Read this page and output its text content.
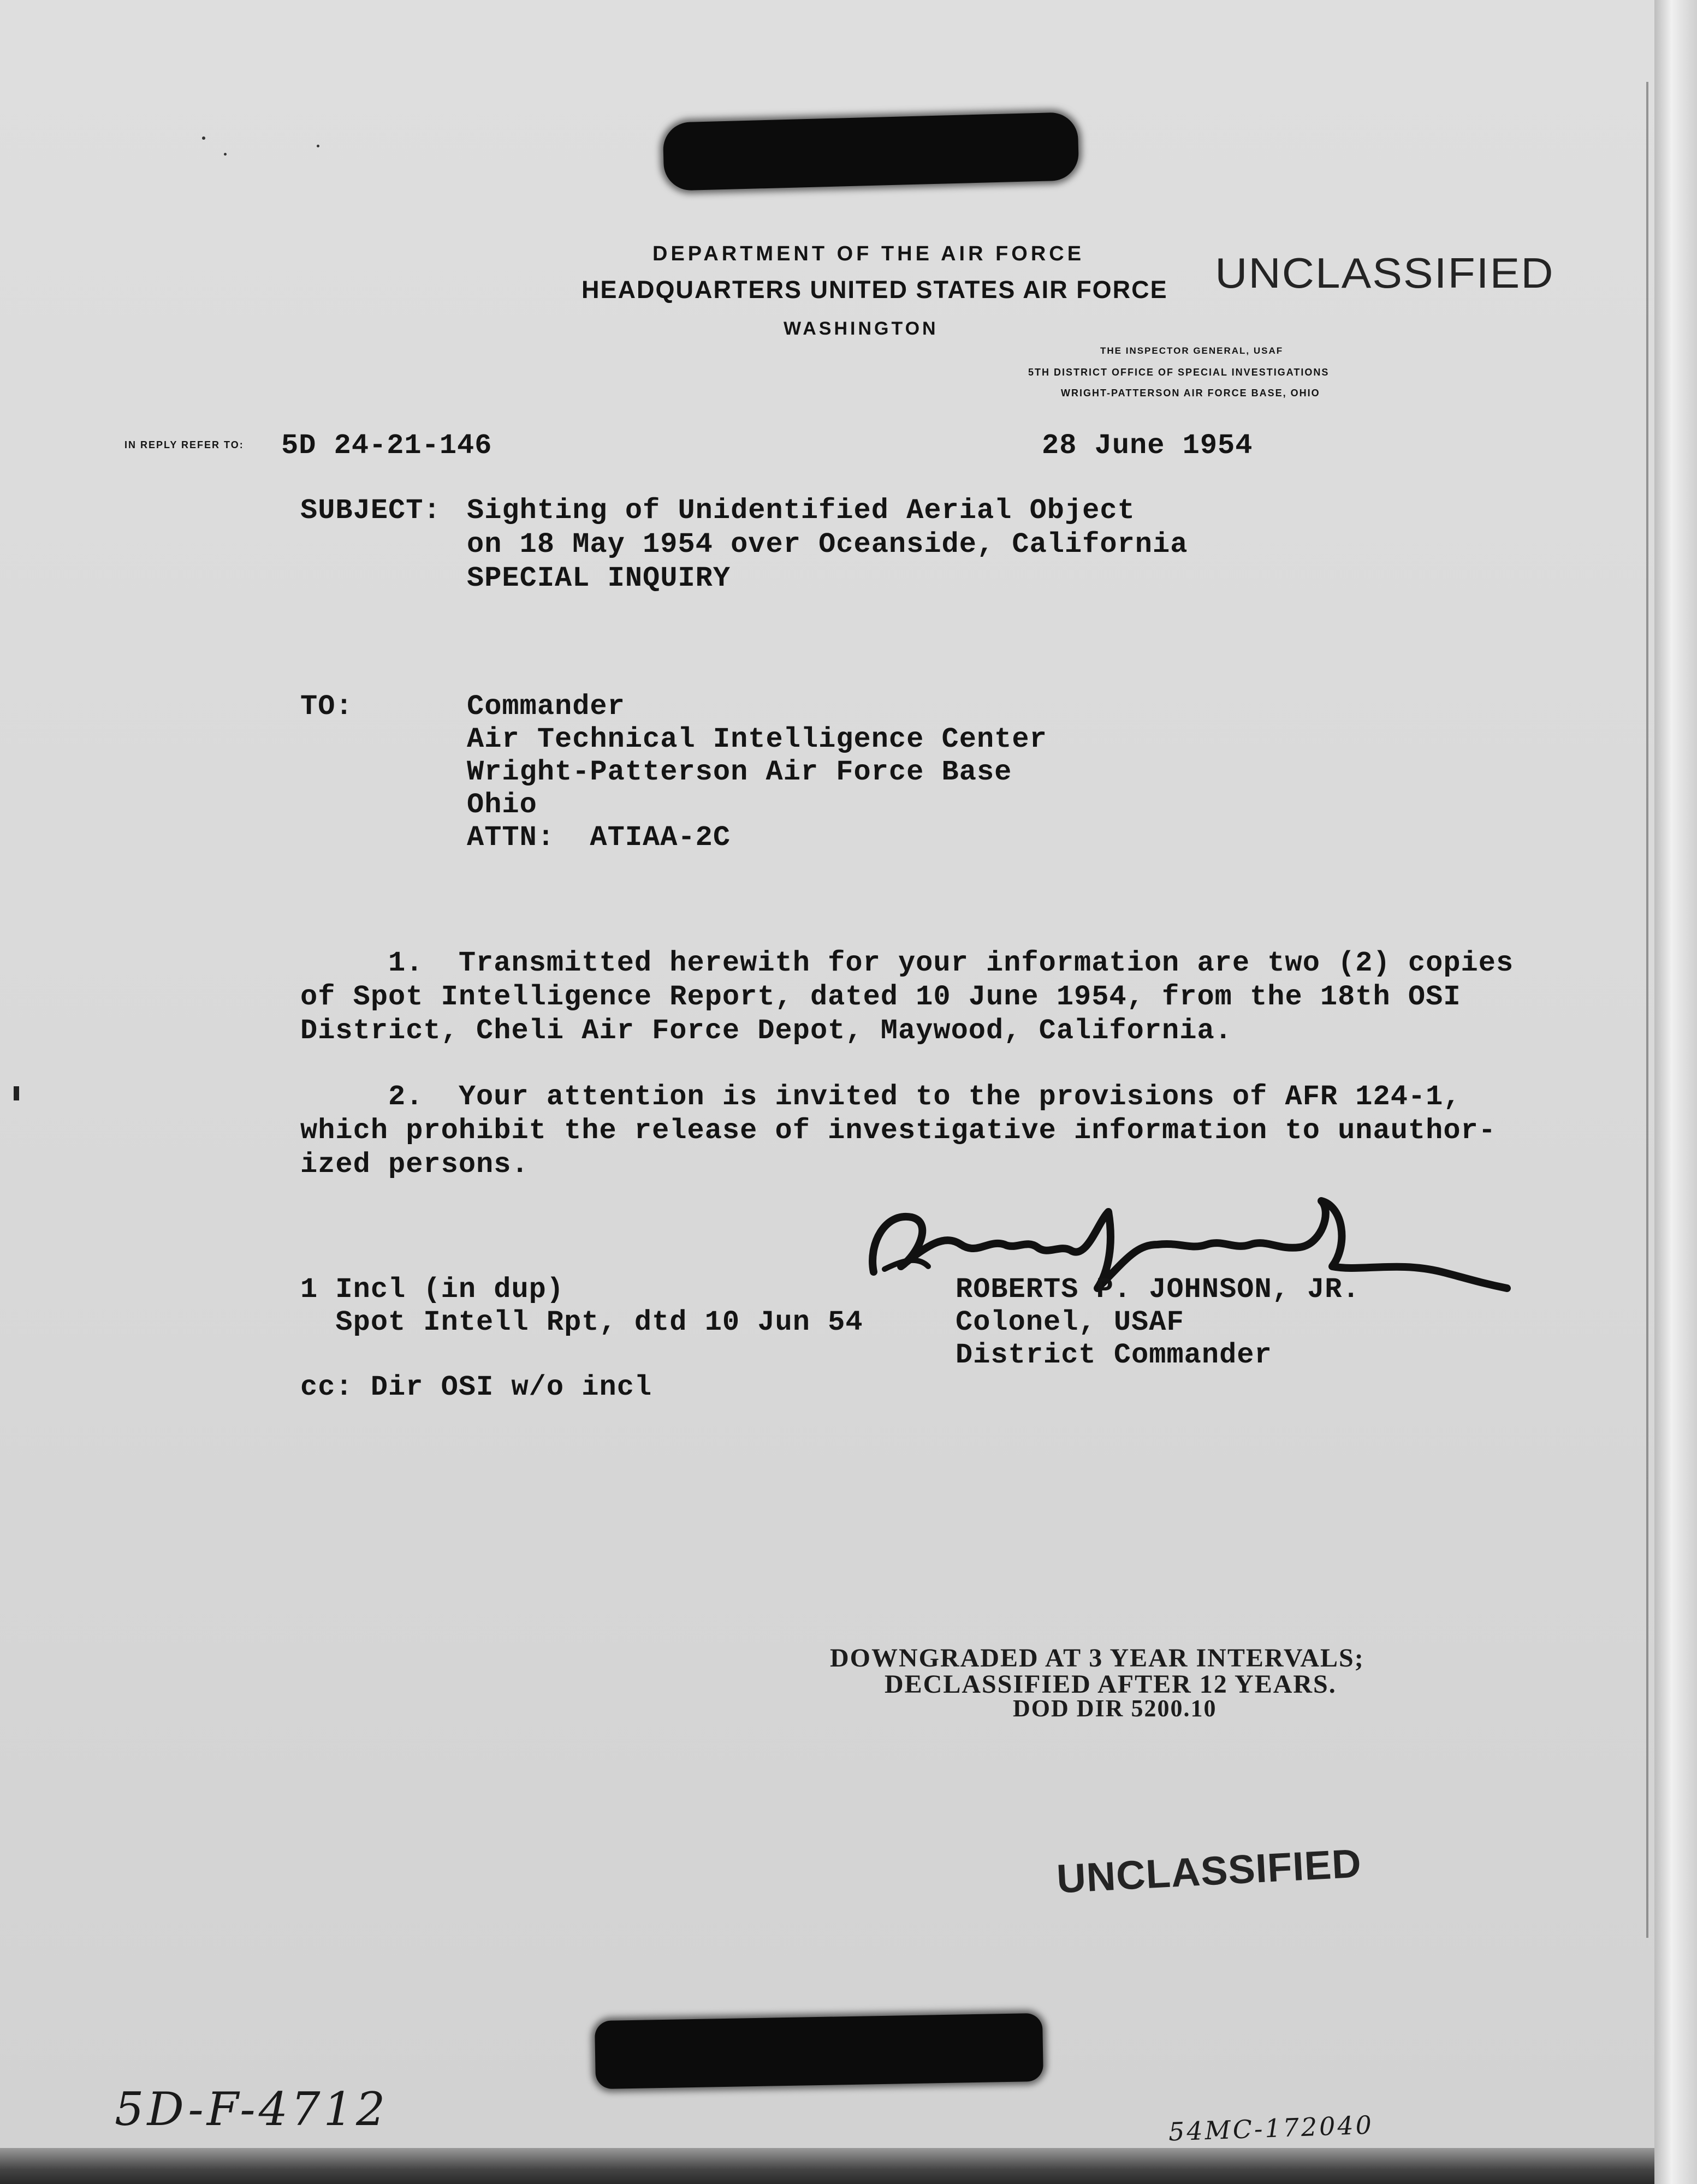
DEPARTMENT OF THE AIR FORCE
HEADQUARTERS UNITED STATES AIR FORCE
WASHINGTON
UNCLASSIFIED
THE INSPECTOR GENERAL, USAF
5TH DISTRICT OFFICE OF SPECIAL INVESTIGATIONS
WRIGHT-PATTERSON AIR FORCE BASE, OHIO
IN REPLY REFER TO: 5D 24-21-146	28 June 1954
SUBJECT: Sighting of Unidentified Aerial Object
on 18 May 1954 over Oceanside, California
SPECIAL INQUIRY
TO:	Commander
Air Technical Intelligence Center
Wright-Patterson Air Force Base
Ohio
ATTN:  ATIAA-2C
1.  Transmitted herewith for your information are two (2) copies
of Spot Intelligence Report, dated 10 June 1954, from the 18th OSI
District, Cheli Air Force Depot, Maywood, California.
2.  Your attention is invited to the provisions of AFR 124-1,
which prohibit the release of investigative information to unauthor-
ized persons.
ROBERTS P. JOHNSON, JR.
Colonel, USAF
District Commander
1 Incl (in dup)
Spot Intell Rpt, dtd 10 Jun 54
cc: Dir OSI w/o incl
DOWNGRADED AT 3 YEAR INTERVALS;
DECLASSIFIED AFTER 12 YEARS.
DOD DIR 5200.10
UNCLASSIFIED
5D-F-4712	54MC-172040
